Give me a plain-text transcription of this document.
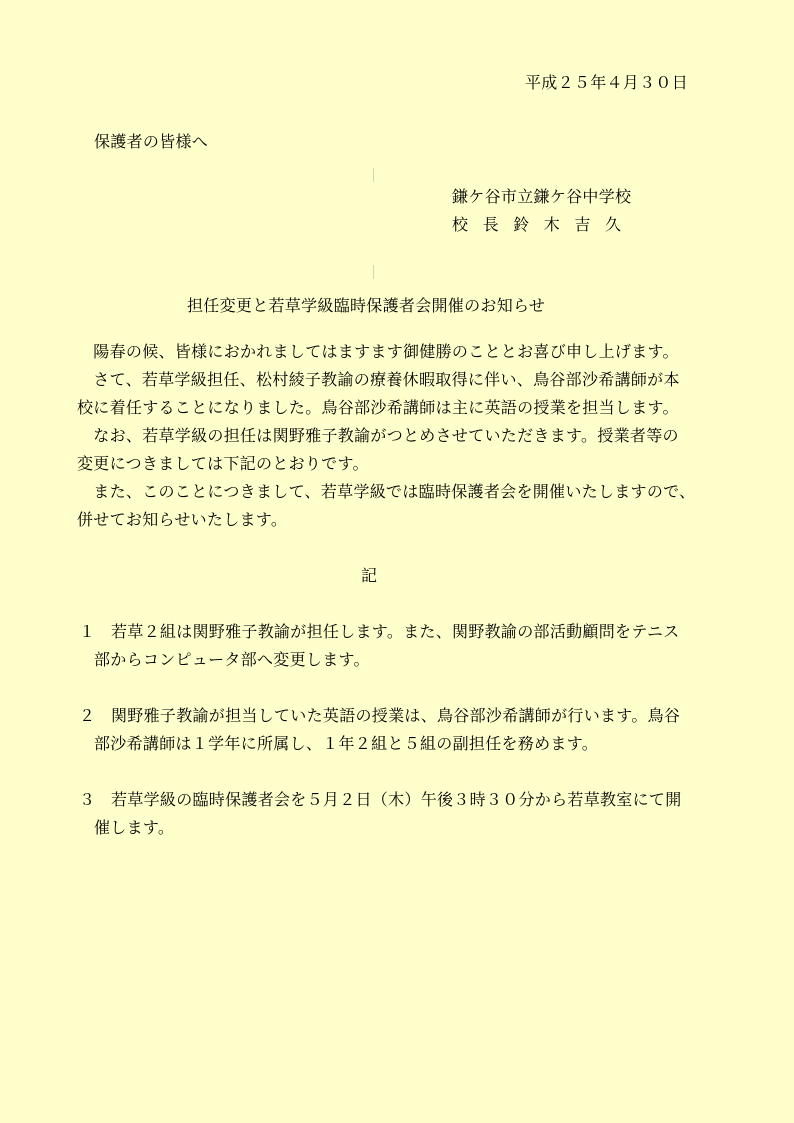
平成２５年４月３０日
保護者の皆様へ
鎌ケ谷市立鎌ケ谷中学校
校長鈴木吉久
担任変更と若草学級臨時保護者会開催のお知らせ
　陽春の候、皆様におかれましてはますます御健勝のこととお喜び申し上げます。
　さて、若草学級担任、松村綾子教諭の療養休暇取得に伴い、鳥谷部沙希講師が本
校に着任することになりました。鳥谷部沙希講師は主に英語の授業を担当します。
　なお、若草学級の担任は関野雅子教諭がつとめさせていただきます。授業者等の
変更につきましては下記のとおりです。
　また、このことにつきまして、若草学級では臨時保護者会を開催いたしますので、
併せてお知らせいたします。
記
１ 若草２組は関野雅子教諭が担任します。また、関野教諭の部活動顧問をテニス
部からコンピュータ部へ変更します。
２ 関野雅子教諭が担当していた英語の授業は、鳥谷部沙希講師が行います。鳥谷
部沙希講師は１学年に所属し、１年２組と５組の副担任を務めます。
３ 若草学級の臨時保護者会を５月２日（木）午後３時３０分から若草教室にて開
催します。
